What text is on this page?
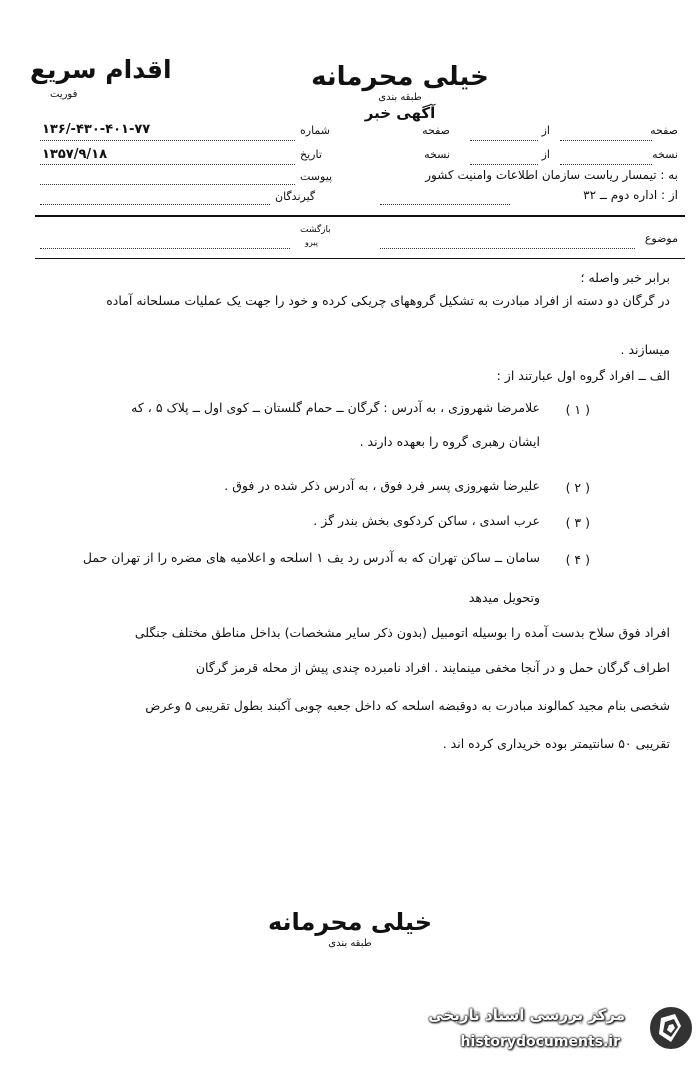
خیلی محرمانه
طبقه بندی
آگهی خبر
اقدام سریع
فوریت
شماره
۴۳۰-۴۰۱-۷۷-/۱۳۶
تاریخ
۱۳۵۷/۹/۱۸
پیوست
گیرندگان
صفحه
از
صفحه
نسخه
از
نسخه
به : تیمسار ریاست سازمان اطلاعات وامنیت کشور
از : اداره دوم ــ ۳۲
موضوع
بازگشت
پیرو
برابر خبر واصله ؛
در گرگان دو دسته از افراد مبادرت به تشکیل گروههای چریکی کرده و خود را جهت یک عملیات مسلحانه آماده
میسازند .
الف ــ افراد گروه اول عبارتند از :
( ۱ )
علامرضا شهروزی ، به آدرس : گرگان ــ حمام گلستان ــ کوی اول ــ پلاک ۵ ، که
ایشان رهبری گروه را بعهده دارند .
( ۲ )
علیرضا شهروزی پسر فرد فوق ، به آدرس ذکر شده در فوق .
( ۳ )
عرب اسدی ، ساکن کردکوی بخش بندر گز .
( ۴ )
سامان ــ ساکن تهران که به آدرس رد یف ۱ اسلحه و اعلامیه های مضره را از تهران حمل
وتحویل میدهد
افراد فوق سلاح بدست آمده را بوسیله اتومبیل (بدون ذکر سایر مشخصات) بداخل مناطق مختلف جنگلی
اطراف گرگان حمل و در آنجا مخفی مینمایند . افراد نامبرده چندی پیش از محله قرمز گرگان
شخصی بنام مجید کمالوند مبادرت به دوقبضه اسلحه که داخل جعبه چوبی آکبند بطول تقریبی ۵ وعرض
تقریبی ۵۰ سانتیمتر بوده خریداری کرده اند .
خیلی محرمانه
طبقه بندی
مرکز بررسی اسناد تاریخی
historydocuments.ir
